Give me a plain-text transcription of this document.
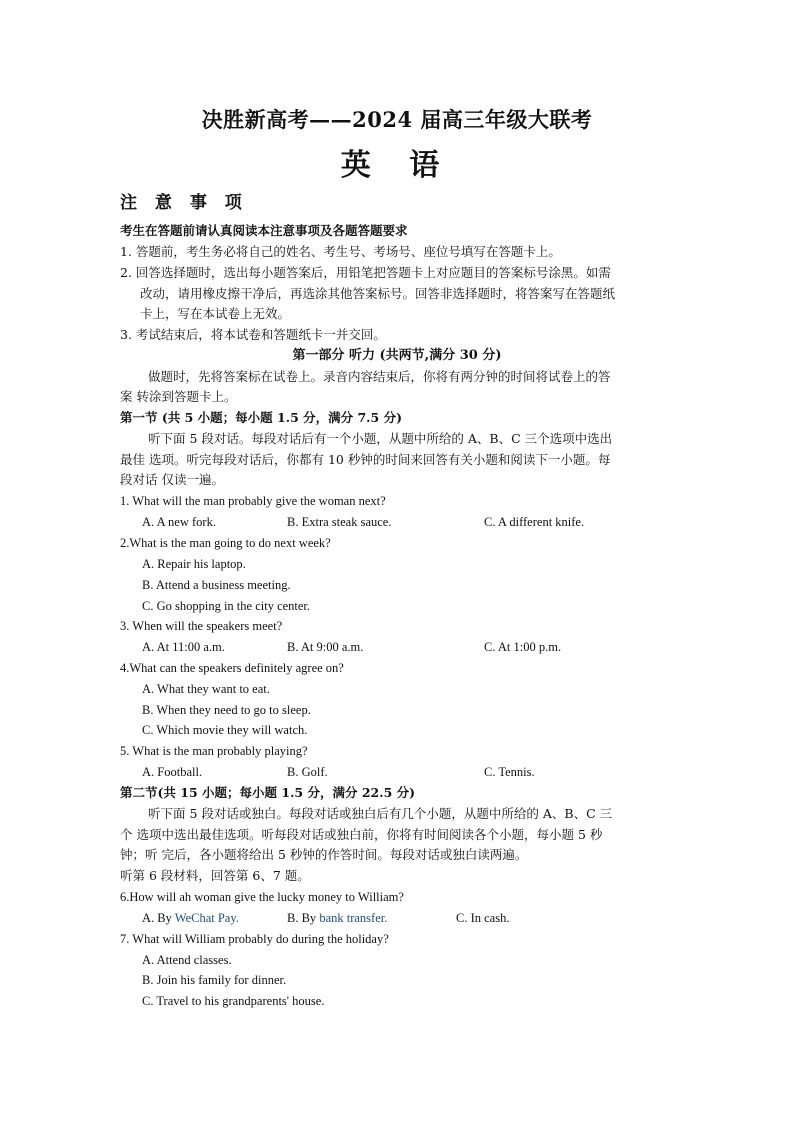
决胜新高考——2024 届高三年级大联考
英 语
注 意 事 项
考生在答题前请认真阅读本注意事项及各题答题要求
1. 答题前，考生务必将自己的姓名、考生号、考场号、座位号填写在答题卡上。
2. 回答选择题时，选出每小题答案后，用铅笔把答题卡上对应题目的答案标号涂黑。如需
改动，请用橡皮擦干净后，再选涂其他答案标号。回答非选择题时，将答案写在答题纸
卡上，写在本试卷上无效。
3. 考试结束后，将本试卷和答题纸卡一并交回。
第一部分 听力 (共两节,满分 30 分)
做题时，先将答案标在试卷上。录音内容结束后，你将有两分钟的时间将试卷上的答
案 转涂到答题卡上。
第一节 (共 5 小题；每小题 1.5 分，满分 7.5 分)
听下面 5 段对话。每段对话后有一个小题，从题中所给的 A、B、C 三个选项中选出
最佳 选项。听完每段对话后，你都有 10 秒钟的时间来回答有关小题和阅读下一小题。每
段对话 仅读一遍。
1. What will the man probably give the woman next?
A. A new fork.	B. Extra steak sauce.	C. A different knife.
2.What is the man going to do next week?
A. Repair his laptop.
B. Attend a business meeting.
C. Go shopping in the city center.
3. When will the speakers meet?
A. At 11:00 a.m.	B. At 9:00 a.m.	C. At 1:00 p.m.
4.What can the speakers definitely agree on?
A. What they want to eat.
B. When they need to go to sleep.
C. Which movie they will watch.
5. What is the man probably playing?
A. Football.	B. Golf.	C. Tennis.
第二节(共 15 小题；每小题 1.5 分，满分 22.5 分)
听下面 5 段对话或独白。每段对话或独白后有几个小题，从题中所给的 A、B、C 三
个 选项中选出最佳选项。听每段对话或独白前，你将有时间阅读各个小题，每小题 5 秒
钟；听 完后，各小题将给出 5 秒钟的作答时间。每段对话或独白读两遍。
听第 6 段材料，回答第 6、7 题。
6.How will ah woman give the lucky money to William?
A. By WeChat Pay.	B. By bank transfer.	C. In cash.
7. What will William probably do during the holiday?
A. Attend classes.
B. Join his family for dinner.
C. Travel to his grandparents' house.
